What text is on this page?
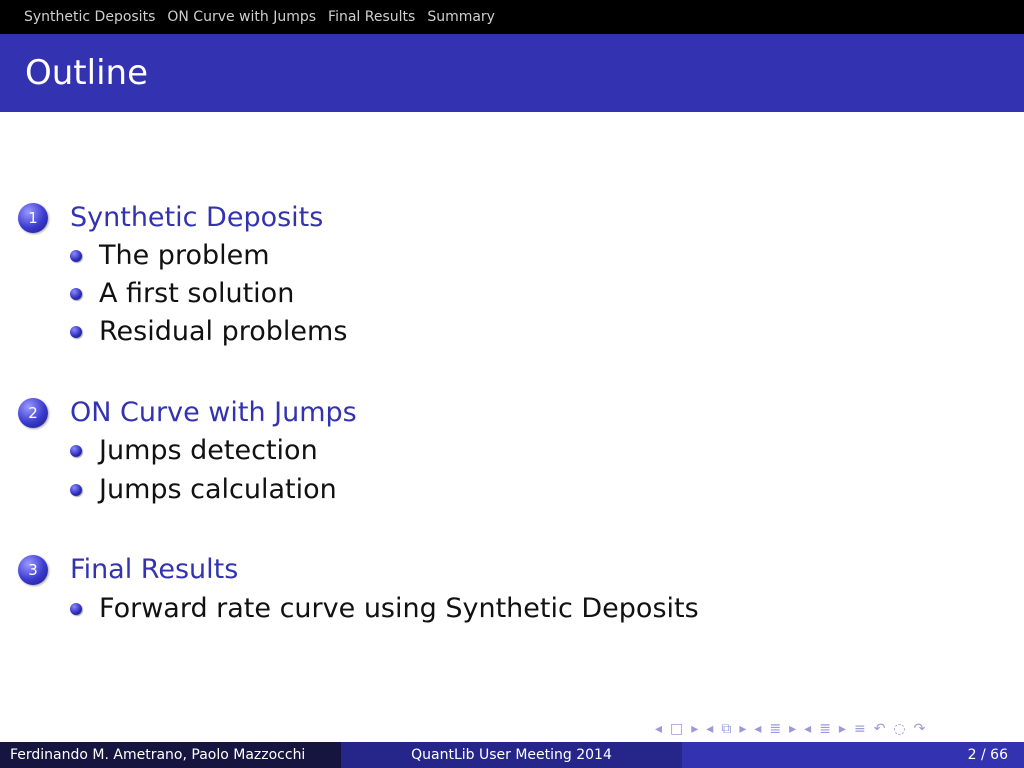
Synthetic Deposits ON Curve with Jumps Final Results Summary
Outline
1	Synthetic Deposits
The problem
A first solution
Residual problems
2	ON Curve with Jumps
Jumps detection
Jumps calculation
3	Final Results
Forward rate curve using Synthetic Deposits
◂ □ ▸ ◂ ⧉ ▸ ◂ ≣ ▸ ◂ ≣ ▸ ≡ ↶ ◌ ↷
Ferdinando M. Ametrano, Paolo Mazzocchi	QuantLib User Meeting 2014	2 / 66
